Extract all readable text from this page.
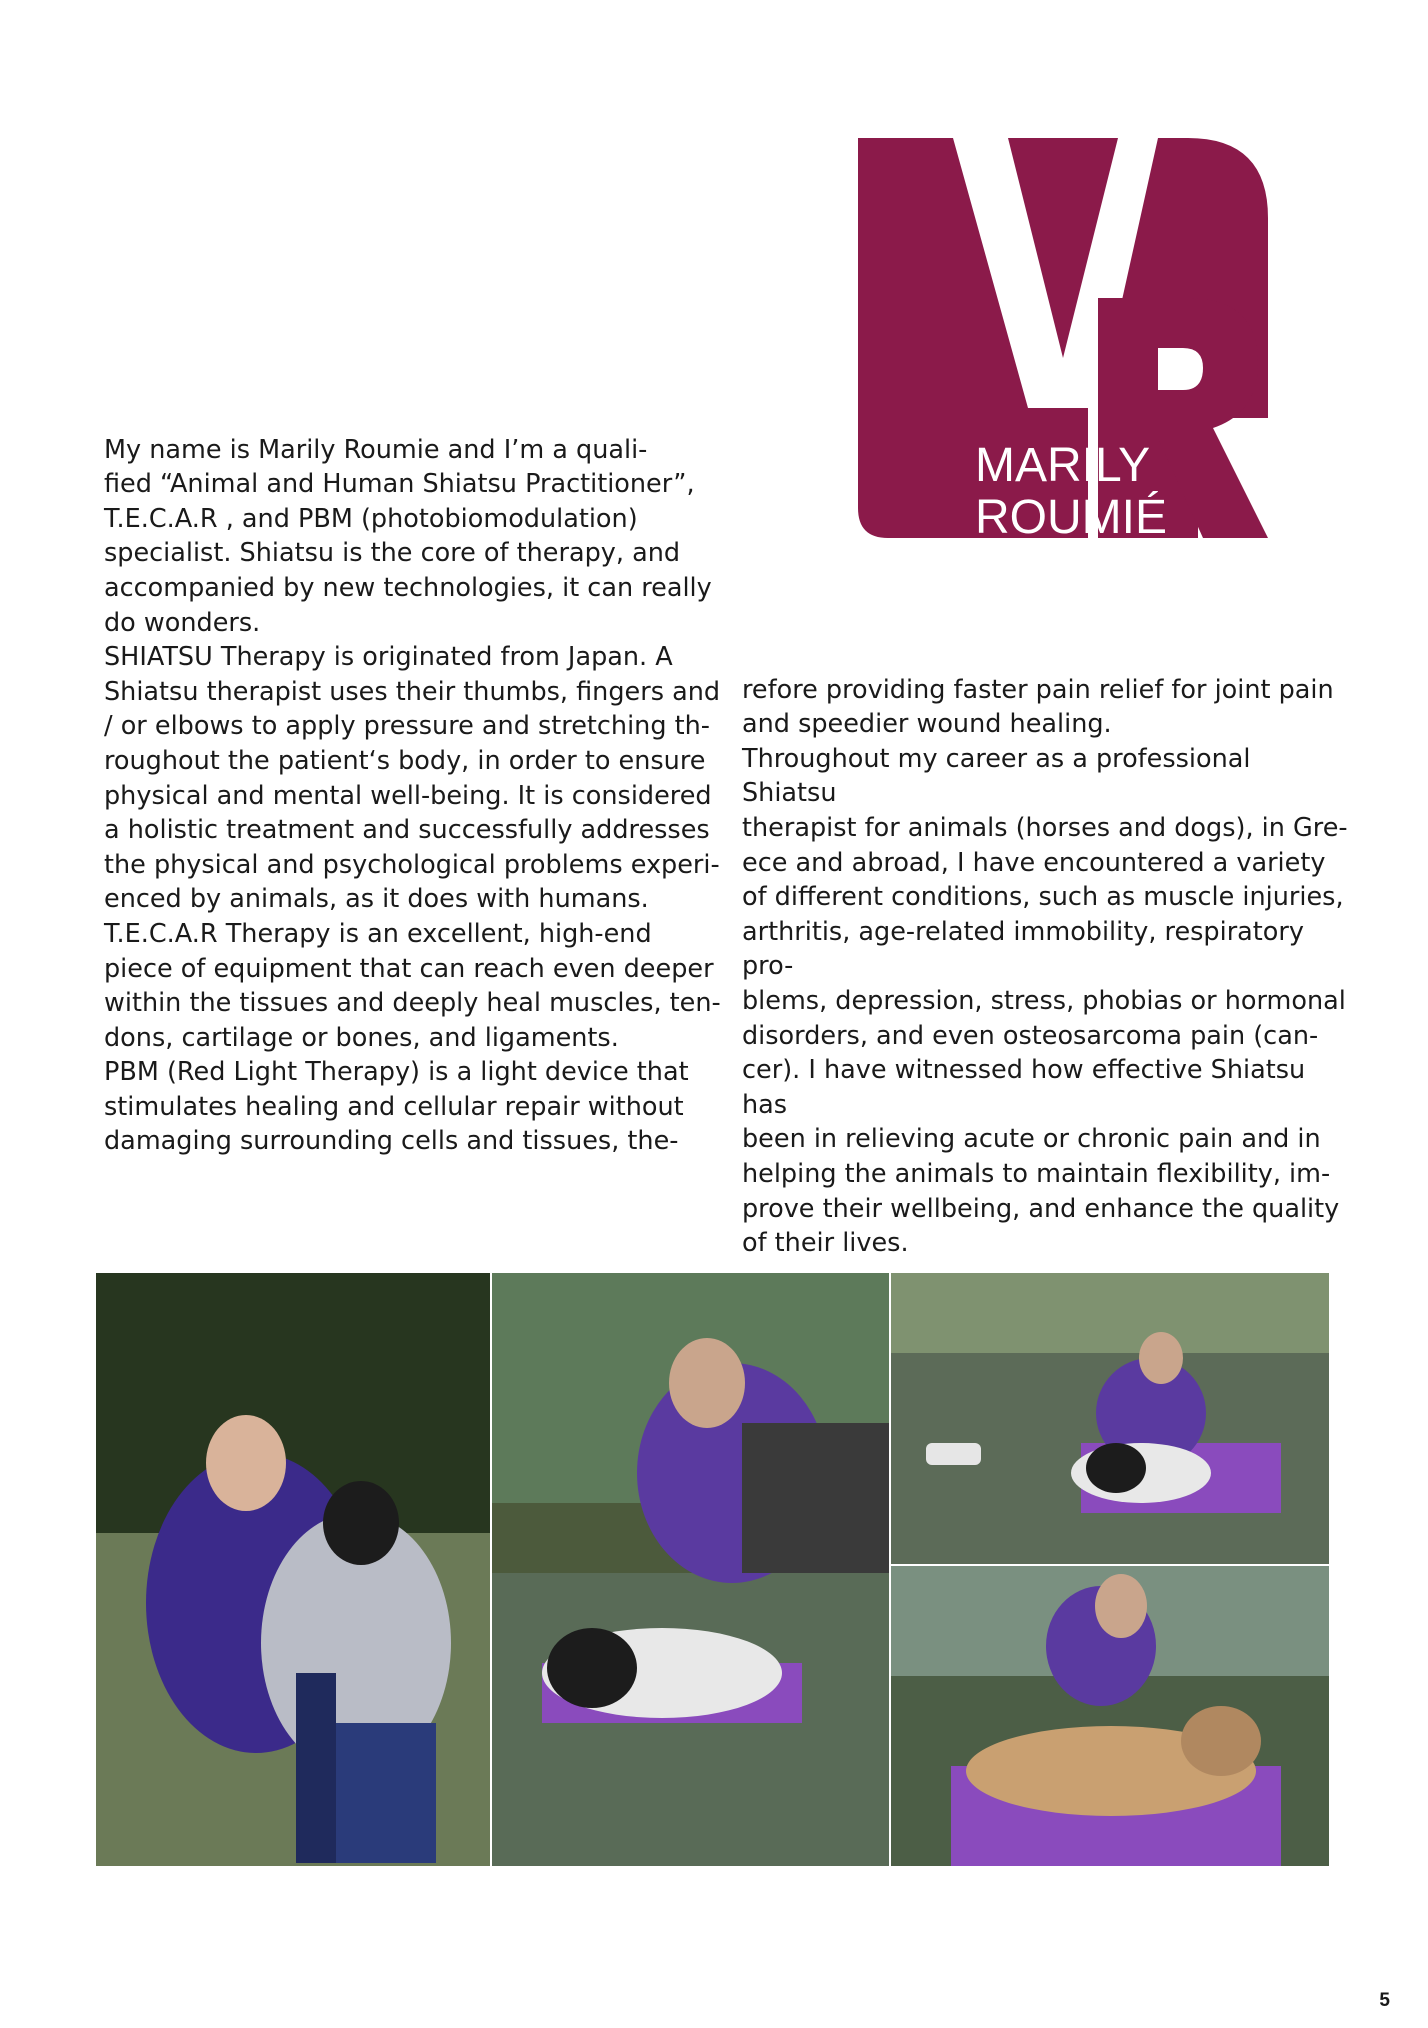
MARILY
ROUMIÉ

My name is Marily Roumie and I’m a quali-
fied “Animal and Human Shiatsu Practitioner”,
T.E.C.A.R , and PBM (photobiomodulation)
specialist. Shiatsu is the core of therapy, and
accompanied by new technologies, it can really
do wonders.
SHIATSU Therapy is originated from Japan. A
Shiatsu therapist uses their thumbs, fingers and
/ or elbows to apply pressure and stretching th-
roughout the patient‘s body, in order to ensure
physical and mental well-being. It is considered
a holistic treatment and successfully addresses
the physical and psychological problems experi-
enced by animals, as it does with humans.
T.E.C.A.R Therapy is an excellent, high-end
piece of equipment that can reach even deeper
within the tissues and deeply heal muscles, ten-
dons, cartilage or bones, and ligaments.
PBM (Red Light Therapy) is a light device that
stimulates healing and cellular repair without
damaging surrounding cells and tissues, the-

refore providing faster pain relief for joint pain
and speedier wound healing.
Throughout my career as a professional Shiatsu
therapist for animals (horses and dogs), in Gre-
ece and abroad, I have encountered a variety
of different conditions, such as muscle injuries,
arthritis, age-related immobility, respiratory pro-
blems, depression, stress, phobias or hormonal
disorders, and even osteosarcoma pain (can-
cer). I have witnessed how effective Shiatsu has
been in relieving acute or chronic pain and in
helping the animals to maintain flexibility, im-
prove their wellbeing, and enhance the quality
of their lives.

5
